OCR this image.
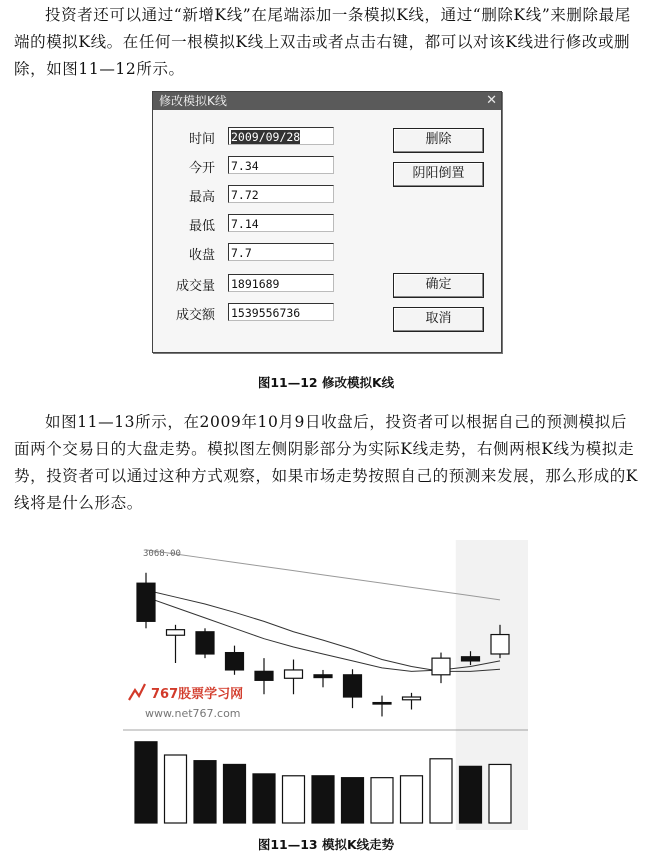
投资者还可以通过“新增K线”在尾端添加一条模拟K线，通过“删除K线”来删除最尾端的模拟K线。在任何一根模拟K线上双击或者点击右键，都可以对该K线进行修改或删除，如图11—12所示。
修改模拟K线	✕
时间 2009/09/28
今开 7.34
最高 7.72
最低 7.14
收盘 7.7
成交量 1891689
成交额 1539556736
删除
阴阳倒置
确定
取消
图11—12 修改模拟K线
如图11—13所示，在2009年10月9日收盘后，投资者可以根据自己的预测模拟后面两个交易日的大盘走势。模拟图左侧阴影部分为实际K线走势，右侧两根K线为模拟走势，投资者可以通过这种方式观察，如果市场走势按照自己的预测来发展，那么形成的K线将是什么形态。
3068.00
767股票学习网
www.net767.com
图11—13 模拟K线走势
